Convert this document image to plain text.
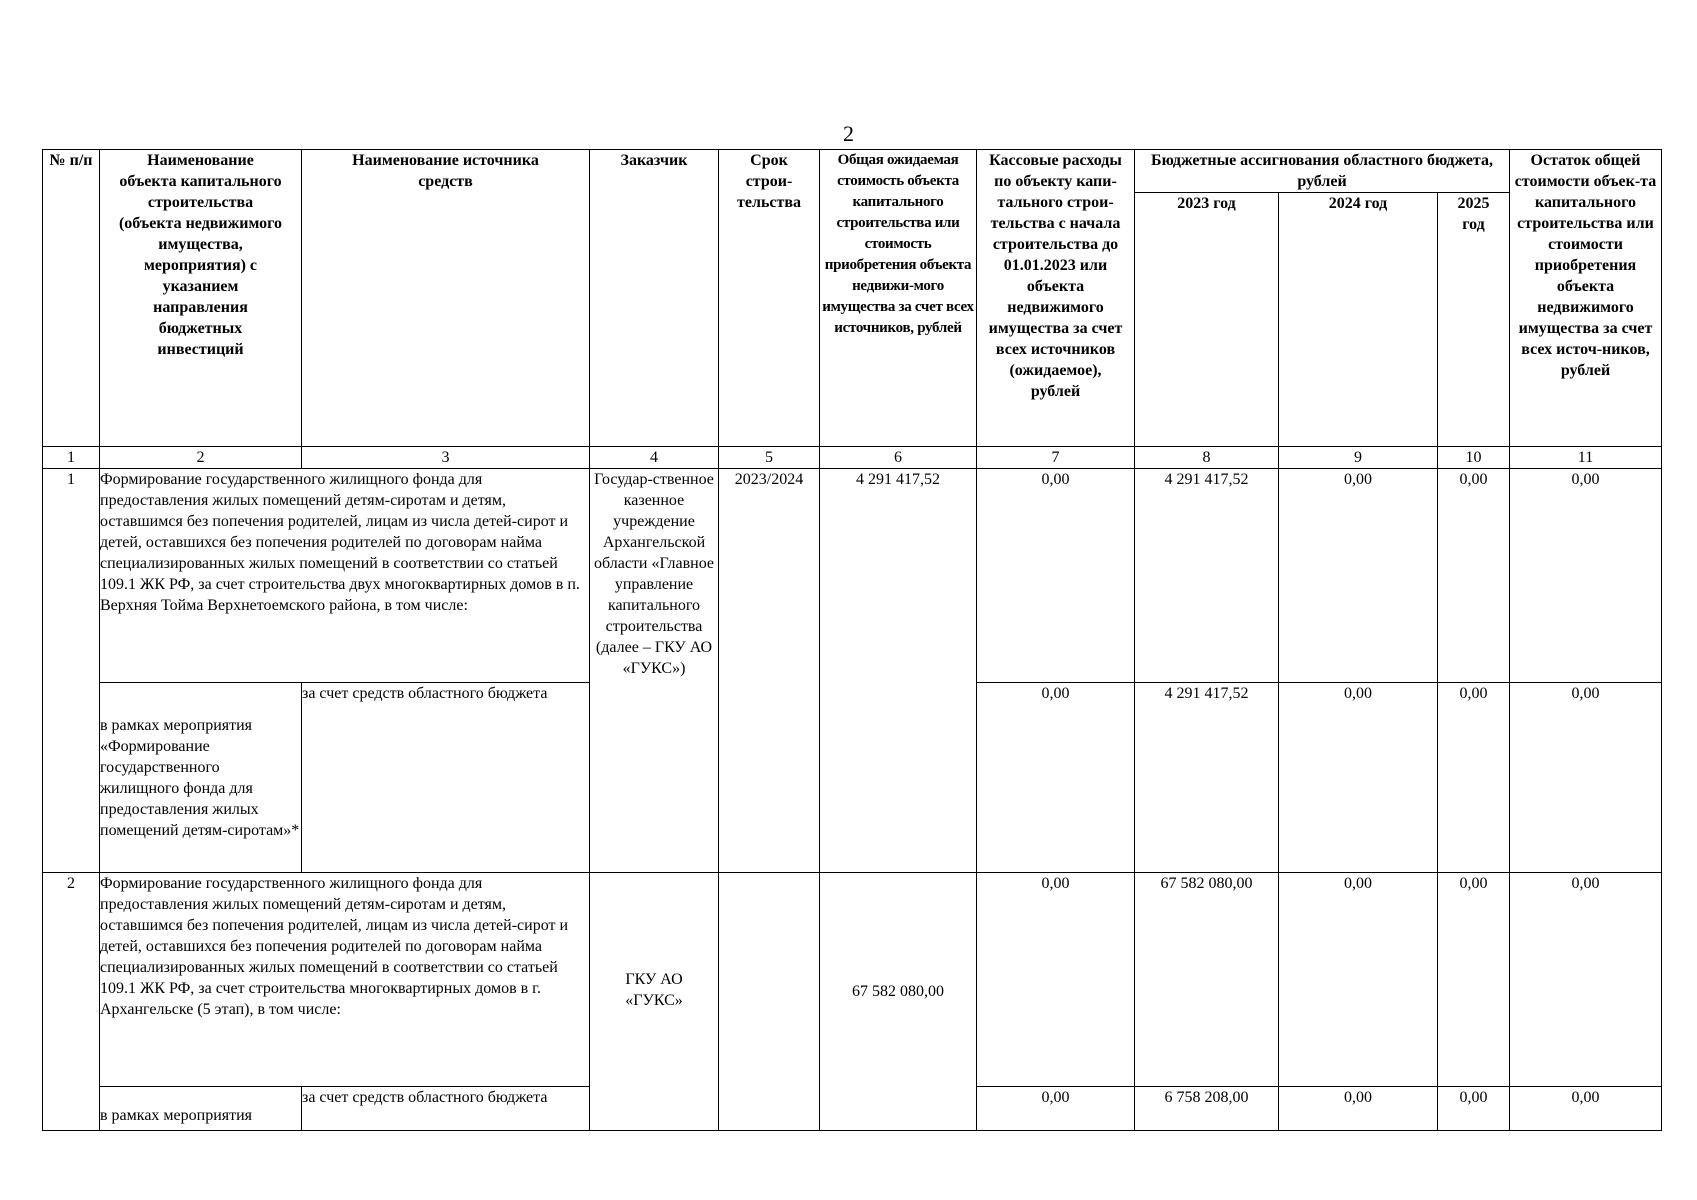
2
№ п/п	Наименование объекта капитального строительства (объекта недвижимого имущества, мероприятия) с указанием направления бюджетных инвестиций	Наименование источника средств	Заказчик	Срок строи-тельства	Общая ожидаемая стоимость объекта капитального строительства или стоимость приобретения объекта недвижи-мого имущества за счет всех источников, рублей	Кассовые расходы по объекту капи-тального строи-тельства с начала строительства до 01.01.2023 или объекта недвижимого имущества за счет всех источников (ожидаемое), рублей	Бюджетные ассигнования областного бюджета, рублей			Остаток общей стоимости объек-та капитального строительства или стоимости приобретения объекта недвижимого имущества за счет всех источ-ников, рублей
							2023 год	2024 год	2025 год	
1	2	3	4	5	6	7	8	9	10	11
1	Формирование государственного жилищного фонда для предоставления жилых помещений детям-сиротам и детям, оставшимся без попечения родителей, лицам из числа детей-сирот и детей, оставшихся без попечения родителей по договорам найма специализированных жилых помещений в соответствии со статьей 109.1 ЖК РФ, за счет строительства двух многоквартирных домов в п. Верхняя Тойма Верхнетоемского района, в том числе:		Государ-ственное казенное учреждение Архангельской области «Главное управление капитального строительства (далее – ГКУ АО «ГУКС»)	2023/2024	4 291 417,52	0,00	4 291 417,52	0,00	0,00	0,00
	в рамках мероприятия «Формирование государственного жилищного фонда для предоставления жилых помещений детям-сиротам»*	за счет средств областного бюджета				0,00	4 291 417,52	0,00	0,00	0,00
2	Формирование государственного жилищного фонда для предоставления жилых помещений детям-сиротам и детям, оставшимся без попечения родителей, лицам из числа детей-сирот и детей, оставшихся без попечения родителей по договорам найма специализированных жилых помещений в соответствии со статьей 109.1 ЖК РФ, за счет строительства многоквартирных домов в г. Архангельске (5 этап), в том числе:		ГКУ АО «ГУКС»		67 582 080,00	0,00	67 582 080,00	0,00	0,00	0,00
	в рамках мероприятия	за счет средств областного бюджета				0,00	6 758 208,00	0,00	0,00	0,00
